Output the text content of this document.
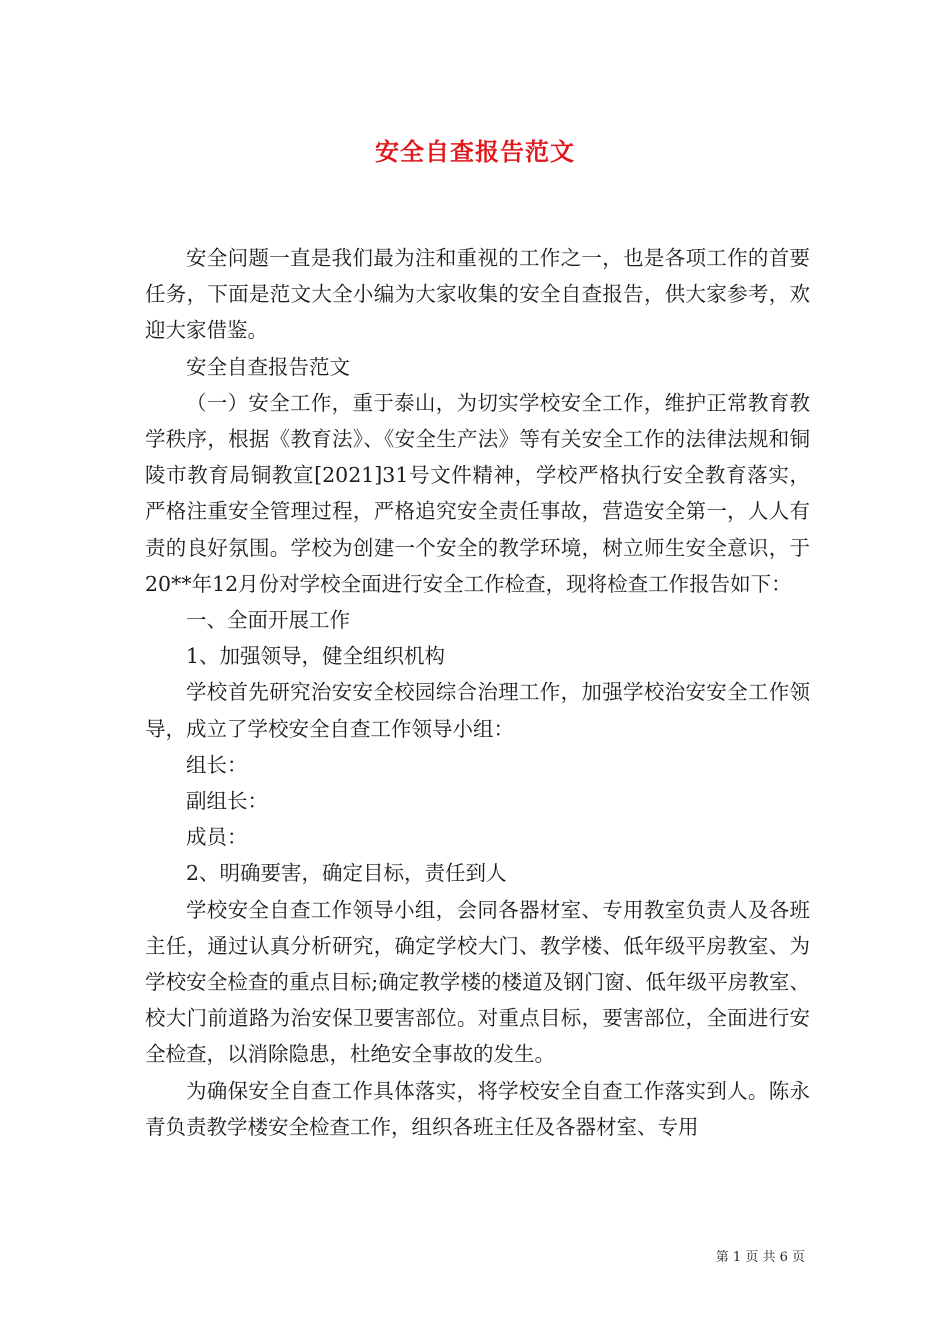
安全自查报告范文

安全问题一直是我们最为注和重视的工作之一，也是各项工作的首要任务，下面是范文大全小编为大家收集的安全自查报告，供大家参考，欢迎大家借鉴。

安全自查报告范文

（一）安全工作，重于泰山，为切实学校安全工作，维护正常教育教学秩序，根据《教育法》、《安全生产法》等有关安全工作的法律法规和铜陵市教育局铜教宣[2021]31号文件精神，学校严格执行安全教育落实，严格注重安全管理过程，严格追究安全责任事故，营造安全第一，人人有责的良好氛围。学校为创建一个安全的教学环境，树立师生安全意识，于20**年12月份对学校全面进行安全工作检查，现将检查工作报告如下：

一、全面开展工作

1、加强领导，健全组织机构

学校首先研究治安安全校园综合治理工作，加强学校治安安全工作领导，成立了学校安全自查工作领导小组：

组长：

副组长：

成员：

2、明确要害，确定目标，责任到人

学校安全自查工作领导小组，会同各器材室、专用教室负责人及各班主任，通过认真分析研究，确定学校大门、教学楼、低年级平房教室、为学校安全检查的重点目标;确定教学楼的楼道及钢门窗、低年级平房教室、校大门前道路为治安保卫要害部位。对重点目标，要害部位，全面进行安全检查，以消除隐患，杜绝安全事故的发生。

为确保安全自查工作具体落实，将学校安全自查工作落实到人。陈永青负责教学楼安全检查工作，组织各班主任及各器材室、专用

第 1 页 共 6 页
